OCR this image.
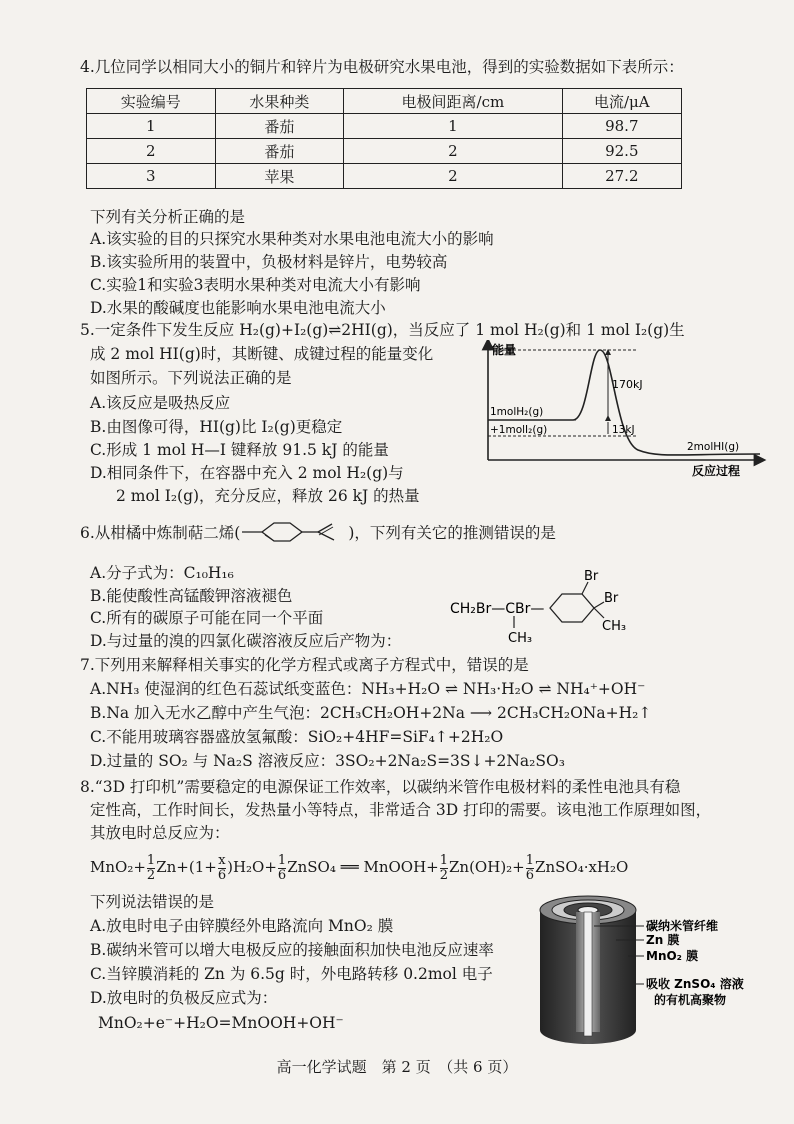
4.几位同学以相同大小的铜片和锌片为电极研究水果电池，得到的实验数据如下表所示：
实验编号	水果种类	电极间距离/cm	电流/μA
1	番茄	1	98.7
2	番茄	2	92.5
3	苹果	2	27.2
下列有关分析正确的是
A.该实验的目的只探究水果种类对水果电池电流大小的影响
B.该实验所用的装置中，负极材料是锌片，电势较高
C.实验1和实验3表明水果种类对电流大小有影响
D.水果的酸碱度也能影响水果电池电流大小
5.一定条件下发生反应 H₂(g)+I₂(g)⇌2HI(g)，当反应了 1 mol H₂(g)和 1 mol I₂(g)生
成 2 mol HI(g)时，其断键、成键过程的能量变化
如图所示。下列说法正确的是
A.该反应是吸热反应
B.由图像可得，HI(g)比 I₂(g)更稳定
C.形成 1 mol H—I 键释放 91.5 kJ 的能量
D.相同条件下，在容器中充入 2 mol H₂(g)与
2 mol I₂(g)，充分反应，释放 26 kJ 的热量
能量
反应过程
1molH₂(g)
+1molI₂(g)
2molHI(g)
170kJ
13kJ
6.从柑橘中炼制萜二烯(	)，下列有关它的推测错误的是
A.分子式为：C₁₀H₁₆
B.能使酸性高锰酸钾溶液褪色
C.所有的碳原子可能在同一个平面
D.与过量的溴的四氯化碳溶液反应后产物为：
CH₂Br—CBr—
CH₃
Br
Br
CH₃
7.下列用来解释相关事实的化学方程式或离子方程式中，错误的是
A.NH₃ 使湿润的红色石蕊试纸变蓝色：NH₃+H₂O ⇌ NH₃·H₂O ⇌ NH₄⁺+OH⁻
B.Na 加入无水乙醇中产生气泡：2CH₃CH₂OH+2Na ⟶ 2CH₃CH₂ONa+H₂↑
C.不能用玻璃容器盛放氢氟酸：SiO₂+4HF=SiF₄↑+2H₂O
D.过量的 SO₂ 与 Na₂S 溶液反应：3SO₂+2Na₂S=3S↓+2Na₂SO₃
8.“3D 打印机”需要稳定的电源保证工作效率，以碳纳米管作电极材料的柔性电池具有稳
定性高，工作时间长，发热量小等特点，非常适合 3D 打印的需要。该电池工作原理如图，
其放电时总反应为：
$MnO_2+ \frac{1}{2} Zn+(1+ \frac{x}{6} )H_2O+ \frac{1}{6}$ ZnSO₄ ══ MnOOH+ $\frac{1}{2} Zn(OH)_2+ \frac{1}{6}$ ZnSO₄·xH₂O
下列说法错误的是
A.放电时电子由锌膜经外电路流向 MnO₂ 膜
B.碳纳米管可以增大电极反应的接触面积加快电池反应速率
C.当锌膜消耗的 Zn 为 6.5g 时，外电路转移 0.2mol 电子
D.放电时的负极反应式为：
MnO₂+e⁻+H₂O=MnOOH+OH⁻
碳纳米管纤维
Zn 膜
MnO₂ 膜
吸收 ZnSO₄ 溶液
的有机高聚物
高一化学试题　第 2 页　（共 6 页）
